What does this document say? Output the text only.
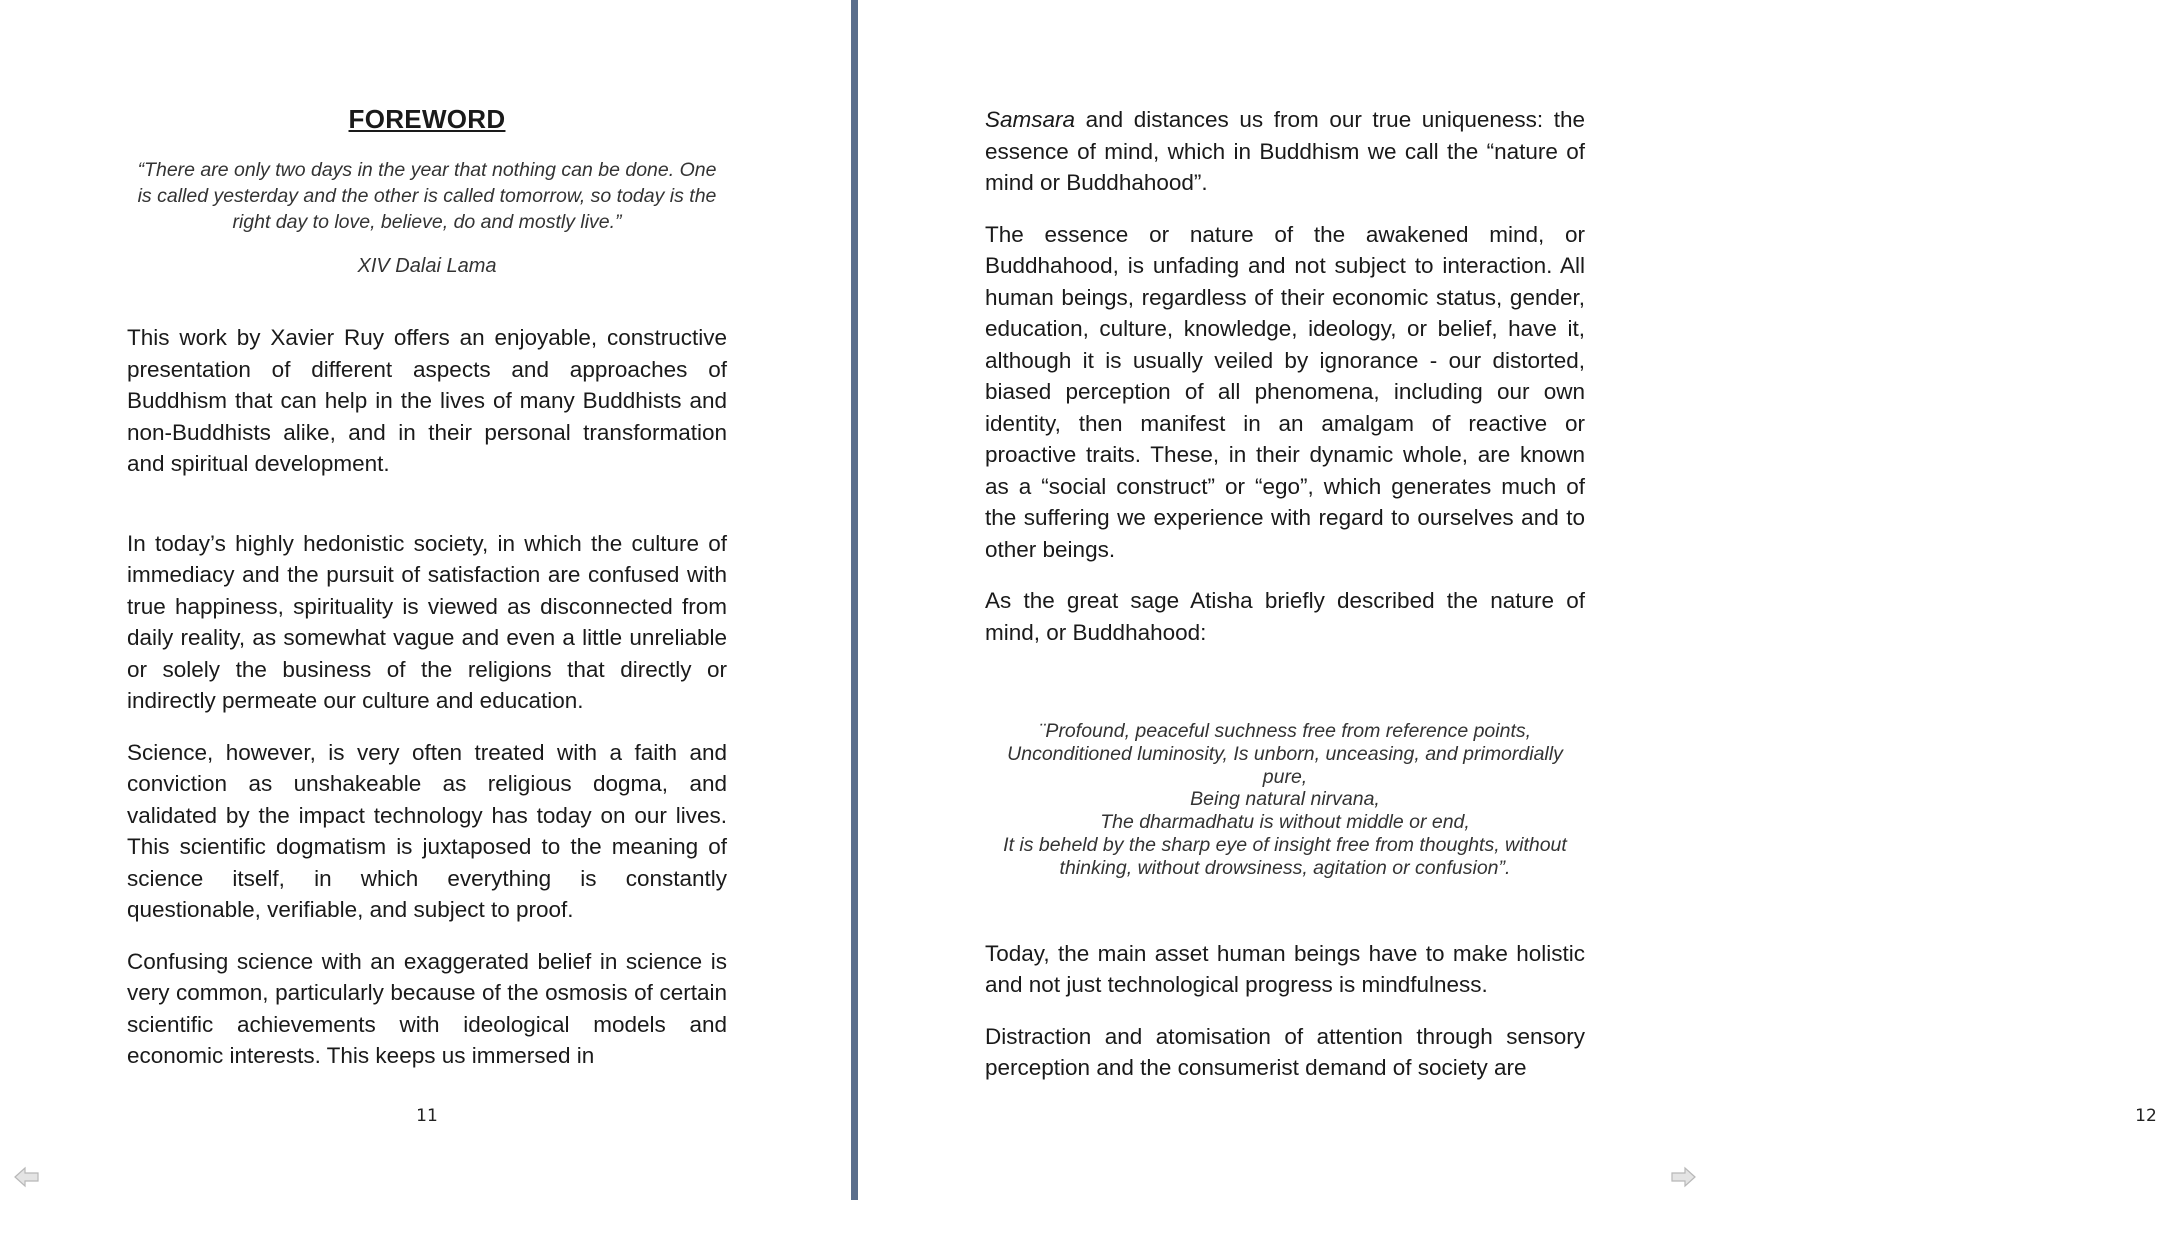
FOREWORD
“There are only two days in the year that nothing can be done. One is called yesterday and the other is called tomorrow, so today is the right day to love, believe, do and mostly live.”
XIV Dalai Lama

This work by Xavier Ruy offers an enjoyable, constructive presentation of different aspects and approaches of Buddhism that can help in the lives of many Buddhists and non-Buddhists alike, and in their personal transformation and spiritual development.

In today’s highly hedonistic society, in which the culture of immediacy and the pursuit of satisfaction are confused with true happiness, spirituality is viewed as disconnected from daily reality, as somewhat vague and even a little unreliable or solely the business of the religions that directly or indirectly permeate our culture and education.

Science, however, is very often treated with a faith and conviction as unshakeable as religious dogma, and validated by the impact technology has today on our lives. This scientific dogmatism is juxtaposed to the meaning of science itself, in which everything is constantly questionable, verifiable, and subject to proof.

Confusing science with an exaggerated belief in science is very common, particularly because of the osmosis of certain scientific achievements with ideological models and economic interests. This keeps us immersed in

11

Samsara and distances us from our true uniqueness: the essence of mind, which in Buddhism we call the “nature of mind or Buddhahood”.

The essence or nature of the awakened mind, or Buddhahood, is unfading and not subject to interaction. All human beings, regardless of their economic status, gender, education, culture, knowledge, ideology, or belief, have it, although it is usually veiled by ignorance - our distorted, biased perception of all phenomena, including our own identity, then manifest in an amalgam of reactive or proactive traits. These, in their dynamic whole, are known as a “social construct” or “ego”, which generates much of the suffering we experience with regard to ourselves and to other beings.

As the great sage Atisha briefly described the nature of mind, or Buddhahood:

¨Profound, peaceful suchness free from reference points,
Unconditioned luminosity, Is unborn, unceasing, and primordially pure,
Being natural nirvana,
The dharmadhatu is without middle or end,
It is beheld by the sharp eye of insight free from thoughts, without thinking, without drowsiness, agitation or confusion”.

Today, the main asset human beings have to make holistic and not just technological progress is mindfulness.

Distraction and atomisation of attention through sensory perception and the consumerist demand of society are

12
